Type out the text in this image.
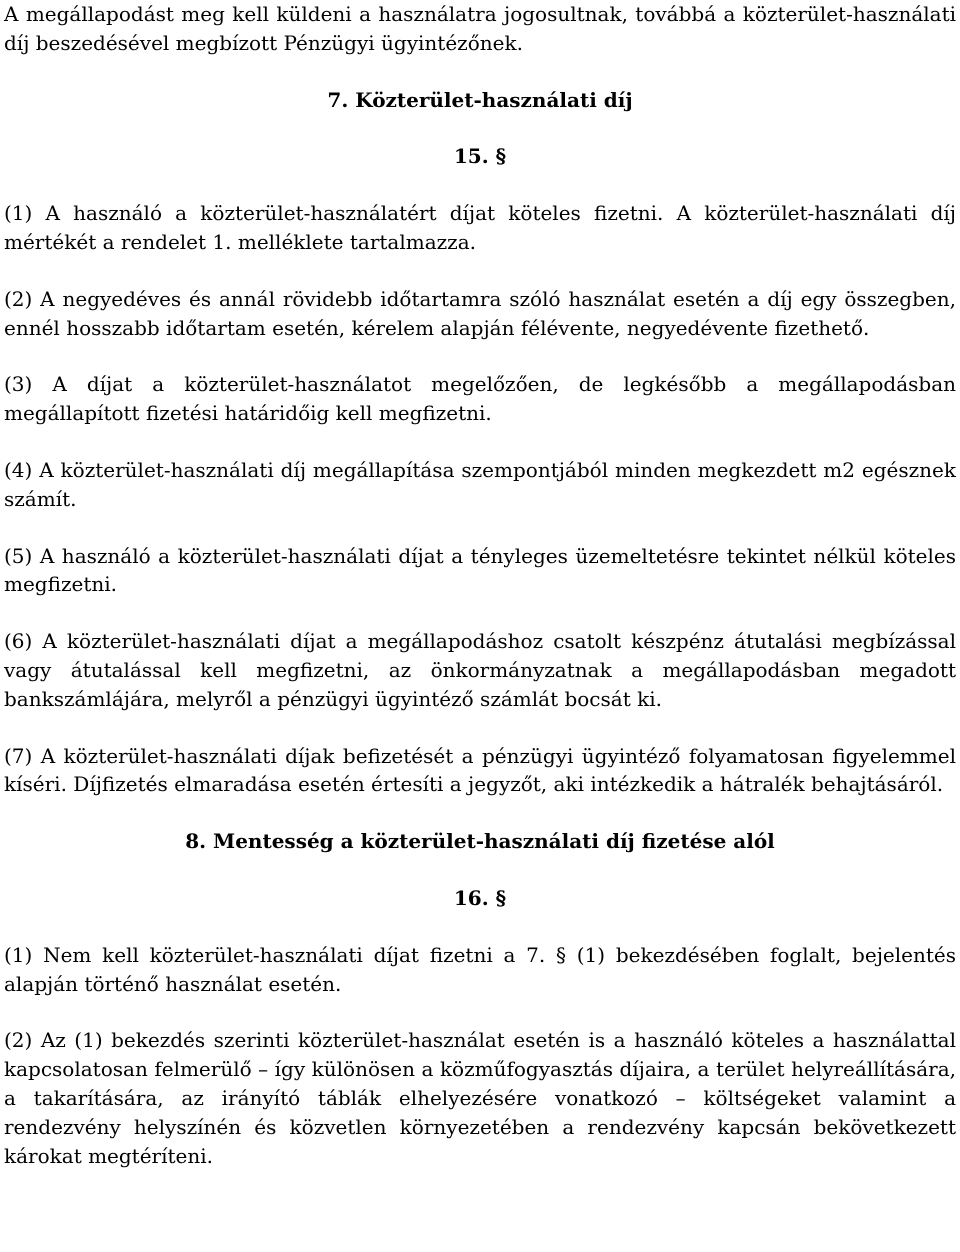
A megállapodást meg kell küldeni a használatra jogosultnak, továbbá a közterület-használati díj beszedésével megbízott Pénzügyi ügyintézőnek.

7. Közterület-használati díj

15. §

(1) A használó a közterület-használatért díjat köteles fizetni. A közterület-használati díj mértékét a rendelet 1. melléklete tartalmazza.

(2) A negyedéves és annál rövidebb időtartamra szóló használat esetén a díj egy összegben, ennél hosszabb időtartam esetén, kérelem alapján félévente, negyedévente fizethető.

(3) A díjat a közterület-használatot megelőzően, de legkésőbb a megállapodásban megállapított fizetési határidőig kell megfizetni.

(4) A közterület-használati díj megállapítása szempontjából minden megkezdett m2 egésznek számít.

(5) A használó a közterület-használati díjat a tényleges üzemeltetésre tekintet nélkül köteles megfizetni.

(6) A közterület-használati díjat a megállapodáshoz csatolt készpénz átutalási megbízással vagy átutalással kell megfizetni, az önkormányzatnak a megállapodásban megadott bankszámlájára, melyről a pénzügyi ügyintéző számlát bocsát ki.

(7) A közterület-használati díjak befizetését a pénzügyi ügyintéző folyamatosan figyelemmel kíséri. Díjfizetés elmaradása esetén értesíti a jegyzőt, aki intézkedik a hátralék behajtásáról.

8. Mentesség a közterület-használati díj fizetése alól

16. §

(1) Nem kell közterület-használati díjat fizetni a 7. § (1) bekezdésében foglalt, bejelentés alapján történő használat esetén.

(2) Az (1) bekezdés szerinti közterület-használat esetén is a használó köteles a használattal kapcsolatosan felmerülő – így különösen a közműfogyasztás díjaira, a terület helyreállítására, a takarítására, az irányító táblák elhelyezésére vonatkozó – költségeket valamint a rendezvény helyszínén és közvetlen környezetében a rendezvény kapcsán bekövetkezett károkat megtéríteni.
